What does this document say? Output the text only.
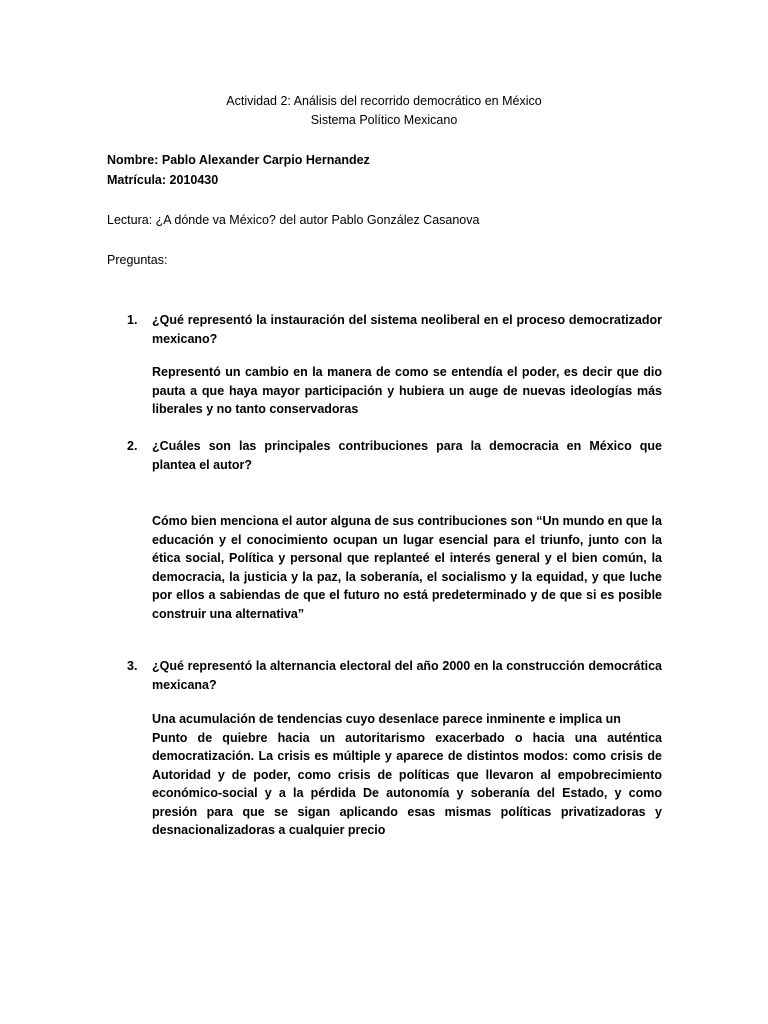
Actividad 2: Análisis del recorrido democrático en México
Sistema Político Mexicano
Nombre: Pablo Alexander Carpio Hernandez
Matrícula: 2010430
Lectura: ¿A dónde va México? del autor Pablo González Casanova
Preguntas:
1. ¿Qué representó la instauración del sistema neoliberal en el proceso democratizador mexicano?
Representó un cambio en la manera de como se entendía el poder, es decir que dio pauta a que haya mayor participación y hubiera un auge de nuevas ideologías más liberales y no tanto conservadoras
2. ¿Cuáles son las principales contribuciones para la democracia en México que plantea el autor?
Cómo bien menciona el autor alguna de sus contribuciones son “Un mundo en que la educación y el conocimiento ocupan un lugar esencial para el triunfo, junto con la ética social, Política y personal que replanteé el interés general y el bien común, la democracia, la justicia y la paz, la soberanía, el socialismo y la equidad, y que luche por ellos a sabiendas de que el futuro no está predeterminado y de que si es posible construir una alternativa”
3. ¿Qué representó la alternancia electoral del año 2000 en la construcción democrática mexicana?
Una acumulación de tendencias cuyo desenlace parece inminente e implica un
Punto de quiebre hacia un autoritarismo exacerbado o hacia una auténtica democratización. La crisis es múltiple y aparece de distintos modos: como crisis de Autoridad y de poder, como crisis de políticas que llevaron al empobrecimiento económico-social y a la pérdida De autonomía y soberanía del Estado, y como presión para que se sigan aplicando esas mismas políticas privatizadoras y desnacionalizadoras a cualquier precio
